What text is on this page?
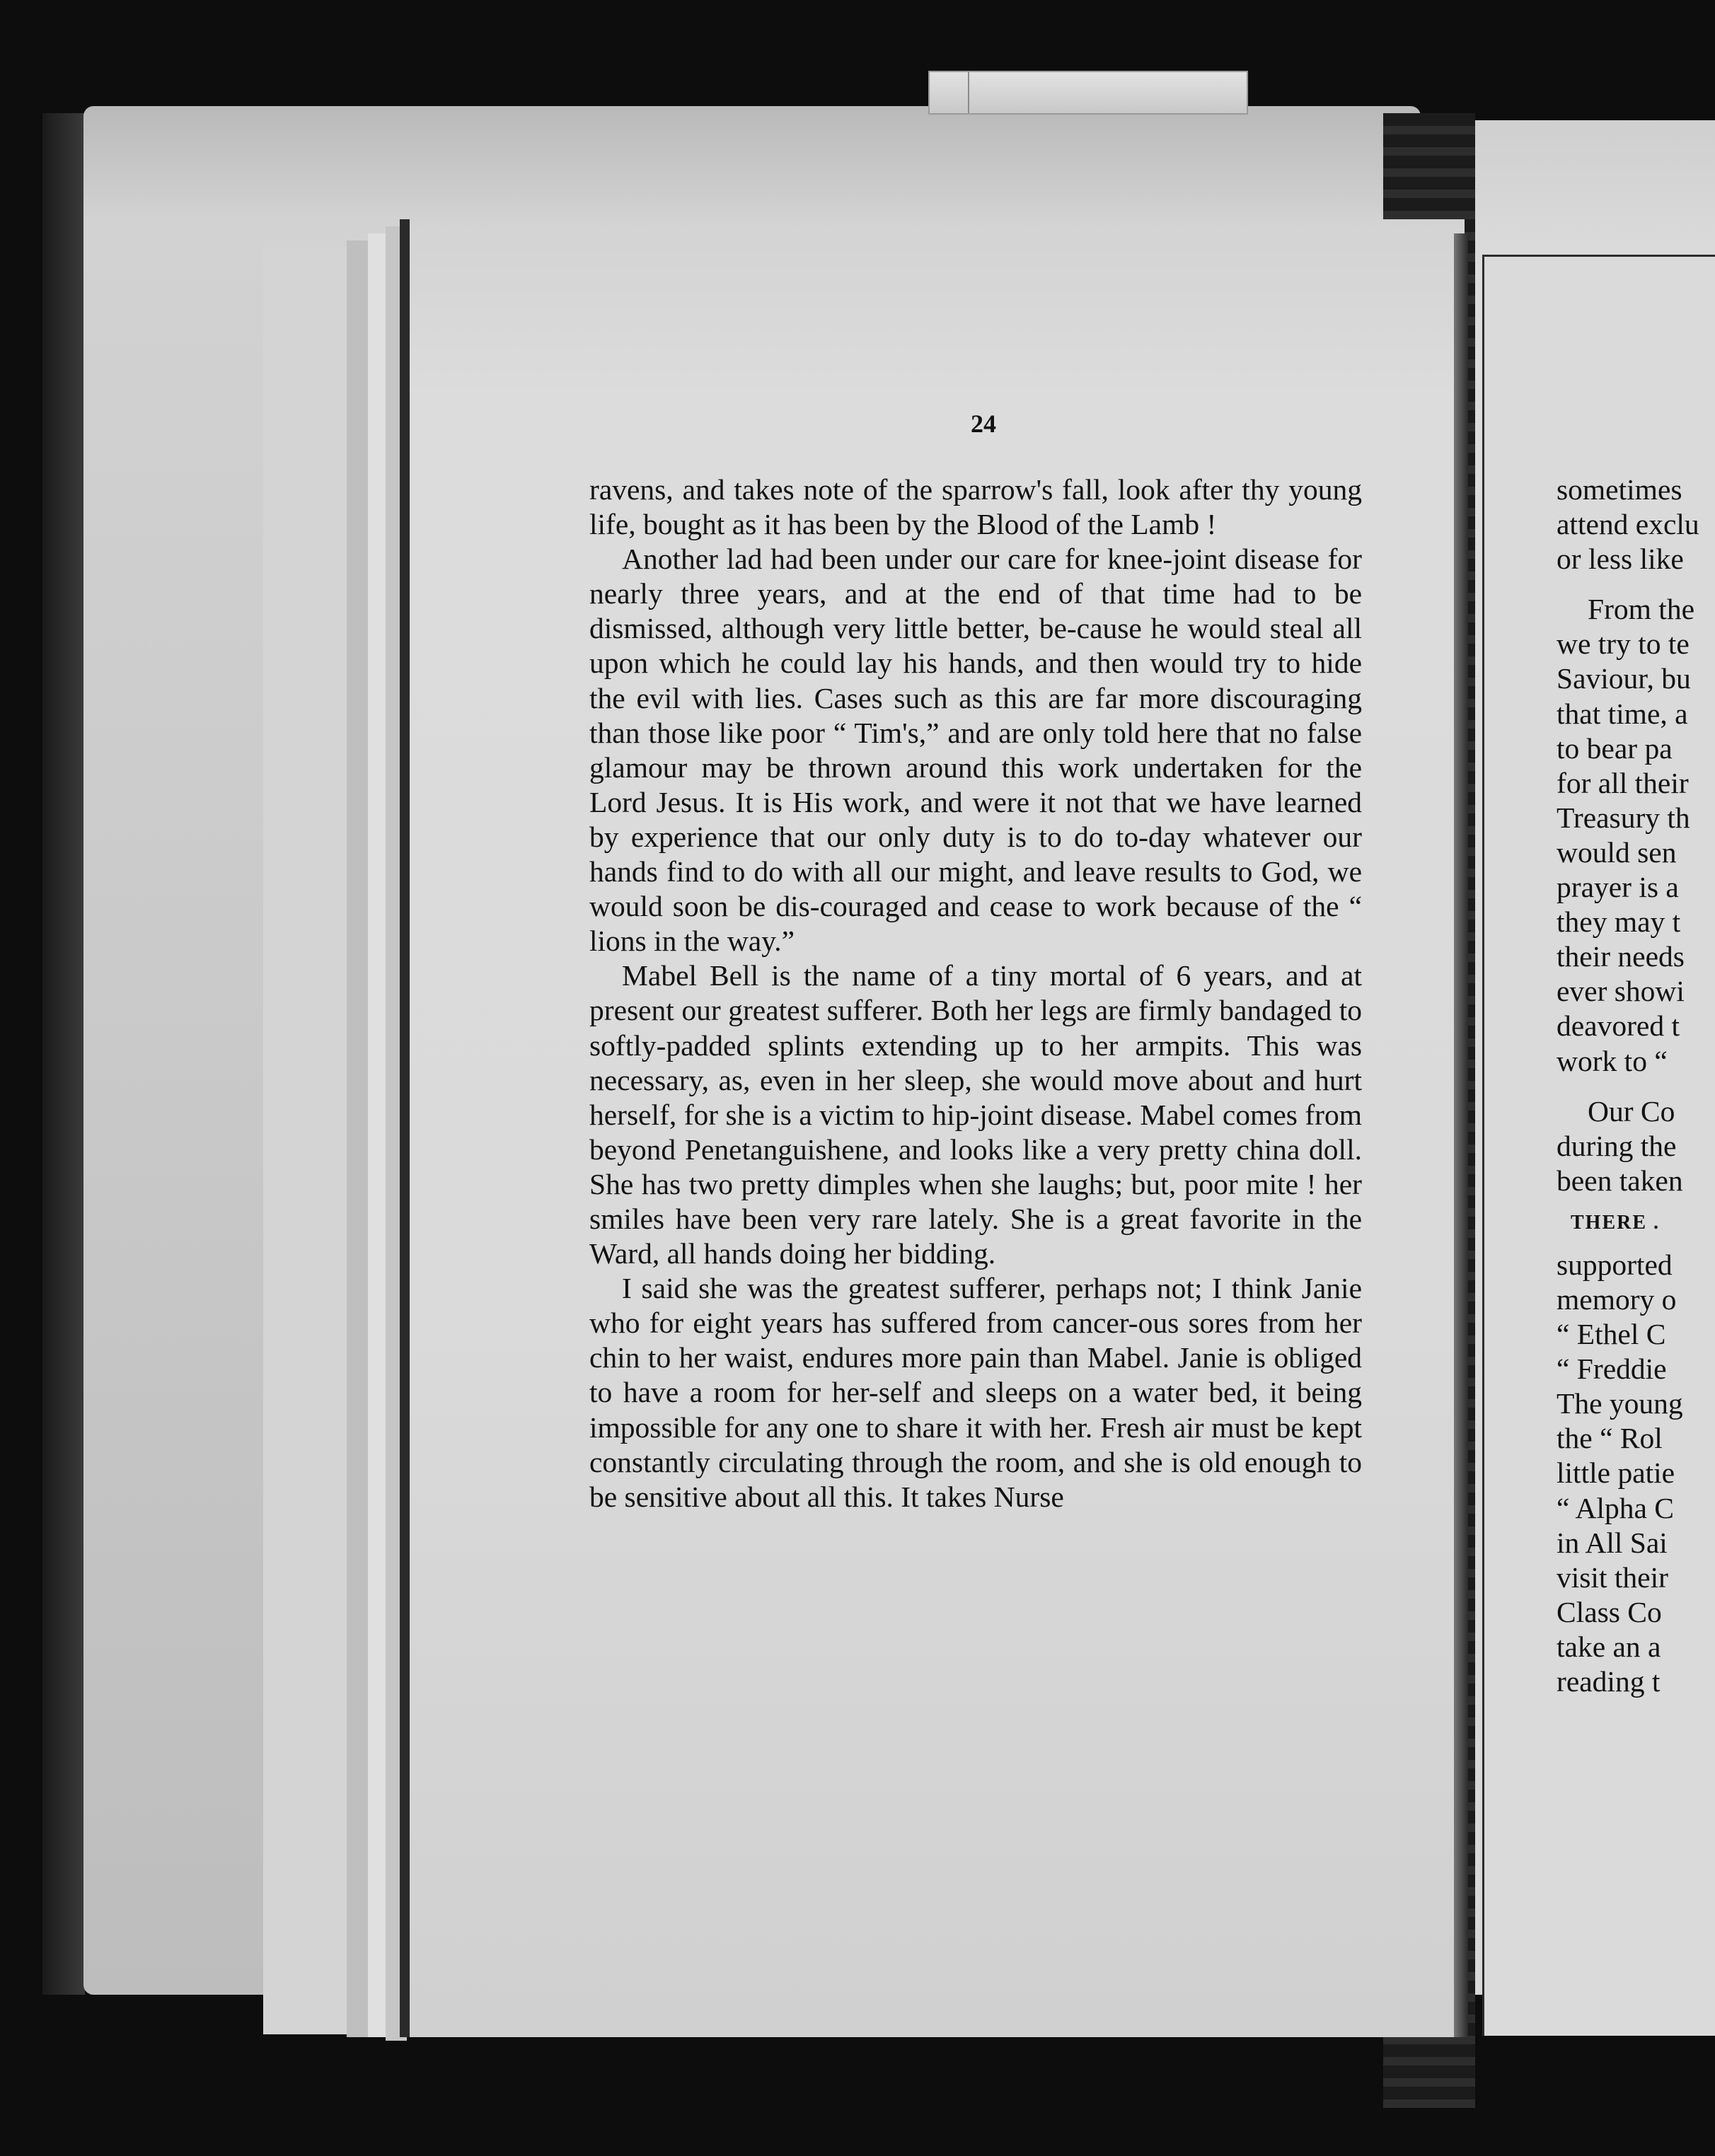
24

ravens, and takes note of the sparrow's fall, look after thy young life, bought as it has been by the Blood of the Lamb !

Another lad had been under our care for knee-joint disease for nearly three years, and at the end of that time had to be dismissed, although very little better, be-cause he would steal all upon which he could lay his hands, and then would try to hide the evil with lies. Cases such as this are far more discouraging than those like poor “ Tim's,” and are only told here that no false glamour may be thrown around this work undertaken for the Lord Jesus. It is His work, and were it not that we have learned by experience that our only duty is to do to-day whatever our hands find to do with all our might, and leave results to God, we would soon be dis-couraged and cease to work because of the “ lions in the way.”

Mabel Bell is the name of a tiny mortal of 6 years, and at present our greatest sufferer. Both her legs are firmly bandaged to softly-padded splints extending up to her armpits. This was necessary, as, even in her sleep, she would move about and hurt herself, for she is a victim to hip-joint disease. Mabel comes from beyond Penetanguishene, and looks like a very pretty china doll. She has two pretty dimples when she laughs; but, poor mite ! her smiles have been very rare lately. She is a great favorite in the Ward, all hands doing her bidding.

I said she was the greatest sufferer, perhaps not; I think Janie who for eight years has suffered from cancer-ous sores from her chin to her waist, endures more pain than Mabel. Janie is obliged to have a room for her-self and sleeps on a water bed, it being impossible for any one to share it with her. Fresh air must be kept constantly circulating through the room, and she is old enough to be sensitive about all this. It takes Nurse

sometimes
attend exclu
or less like
From the
we try to te
Saviour, bu
that time, a
to bear pa
for all their
Treasury th
would sen
prayer is a
they may t
their needs
ever showi
deavored t
work to “
Our Co
during the
been taken
THERE .
supported
memory o
“ Ethel C
“ Freddie
The young
the “ Rol
little patie
“ Alpha C
in All Sai
visit their
Class Co
take an a
reading t
